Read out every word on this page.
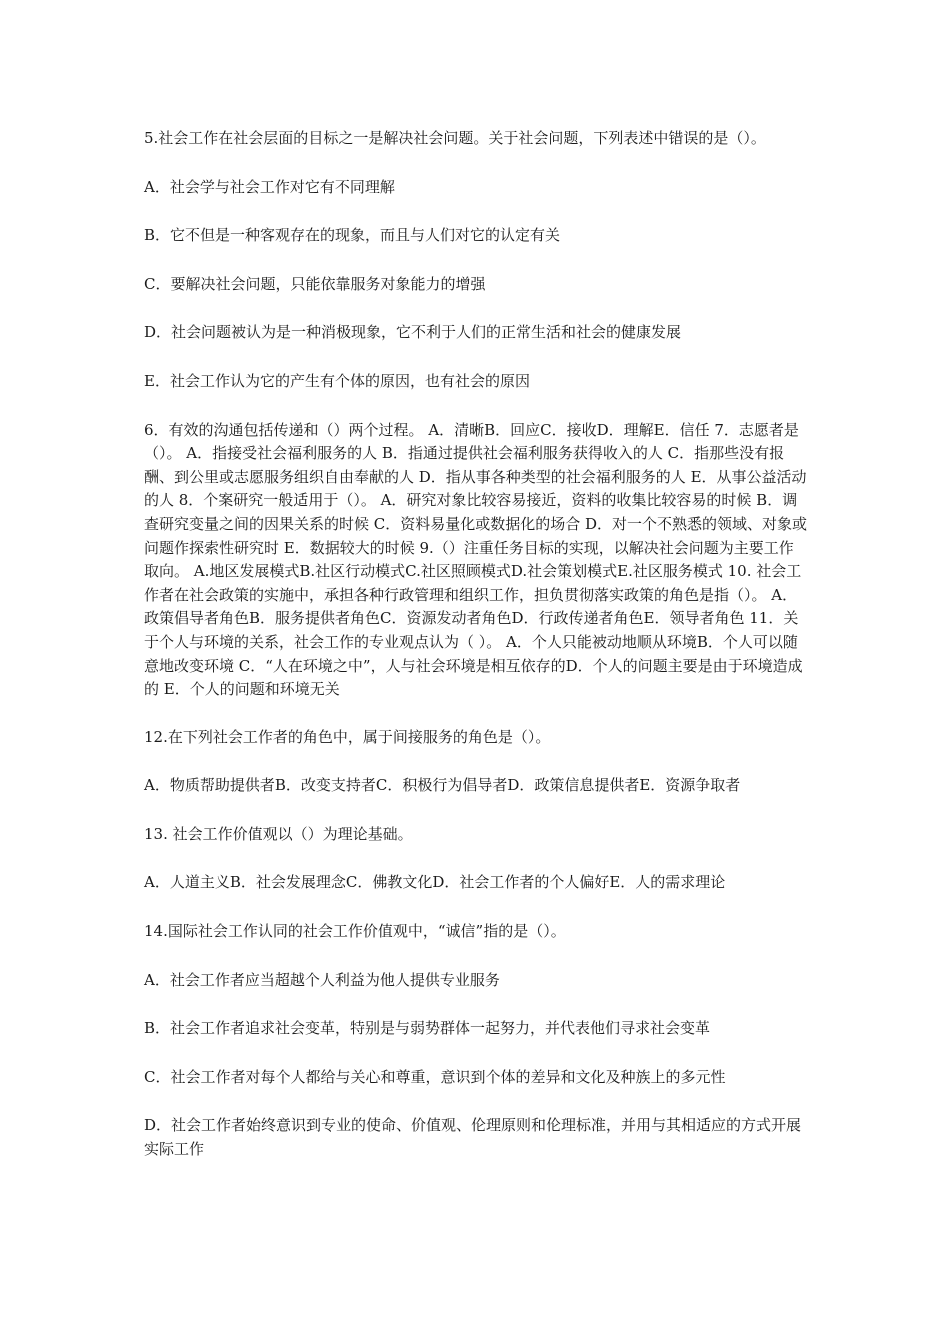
5.社会工作在社会层面的目标之一是解决社会问题。关于社会问题，下列表述中错误的是（）。

A．社会学与社会工作对它有不同理解

B．它不但是一种客观存在的现象，而且与人们对它的认定有关

C．要解决社会问题，只能依靠服务对象能力的增强

D．社会问题被认为是一种消极现象，它不利于人们的正常生活和社会的健康发展

E．社会工作认为它的产生有个体的原因，也有社会的原因

6．有效的沟通包括传递和（）两个过程。 A．清晰B．回应C．接收D．理解E．信任 7．志愿者是（）。 A．指接受社会福利服务的人 B．指通过提供社会福利服务获得收入的人 C．指那些没有报酬、到公里或志愿服务组织自由奉献的人 D．指从事各种类型的社会福利服务的人 E．从事公益活动的人 8．个案研究一般适用于（）。 A．研究对象比较容易接近，资料的收集比较容易的时候 B．调查研究变量之间的因果关系的时候 C．资料易量化或数据化的场合 D．对一个不熟悉的领域、对象或问题作探索性研究时 E．数据较大的时候 9.（）注重任务目标的实现，以解决社会问题为主要工作取向。 A.地区发展模式B.社区行动模式C.社区照顾模式D.社会策划模式E.社区服务模式 10. 社会工作者在社会政策的实施中，承担各种行政管理和组织工作，担负贯彻落实政策的角色是指（）。 A．政策倡导者角色B．服务提供者角色C．资源发动者角色D．行政传递者角色E．领导者角色 11．关于个人与环境的关系，社会工作的专业观点认为（ ）。 A．个人只能被动地顺从环境B．个人可以随意地改变环境 C．“人在环境之中”，人与社会环境是相互依存的D．个人的问题主要是由于环境造成的 E．个人的问题和环境无关

12.在下列社会工作者的角色中，属于间接服务的角色是（）。

A．物质帮助提供者B．改变支持者C．积极行为倡导者D．政策信息提供者E．资源争取者

13. 社会工作价值观以（）为理论基础。

A．人道主义B．社会发展理念C．佛教文化D．社会工作者的个人偏好E．人的需求理论

14.国际社会工作认同的社会工作价值观中，“诚信”指的是（）。

A．社会工作者应当超越个人利益为他人提供专业服务

B．社会工作者追求社会变革，特别是与弱势群体一起努力，并代表他们寻求社会变革

C．社会工作者对每个人都给与关心和尊重，意识到个体的差异和文化及种族上的多元性

D．社会工作者始终意识到专业的使命、价值观、伦理原则和伦理标准，并用与其相适应的方式开展实际工作
